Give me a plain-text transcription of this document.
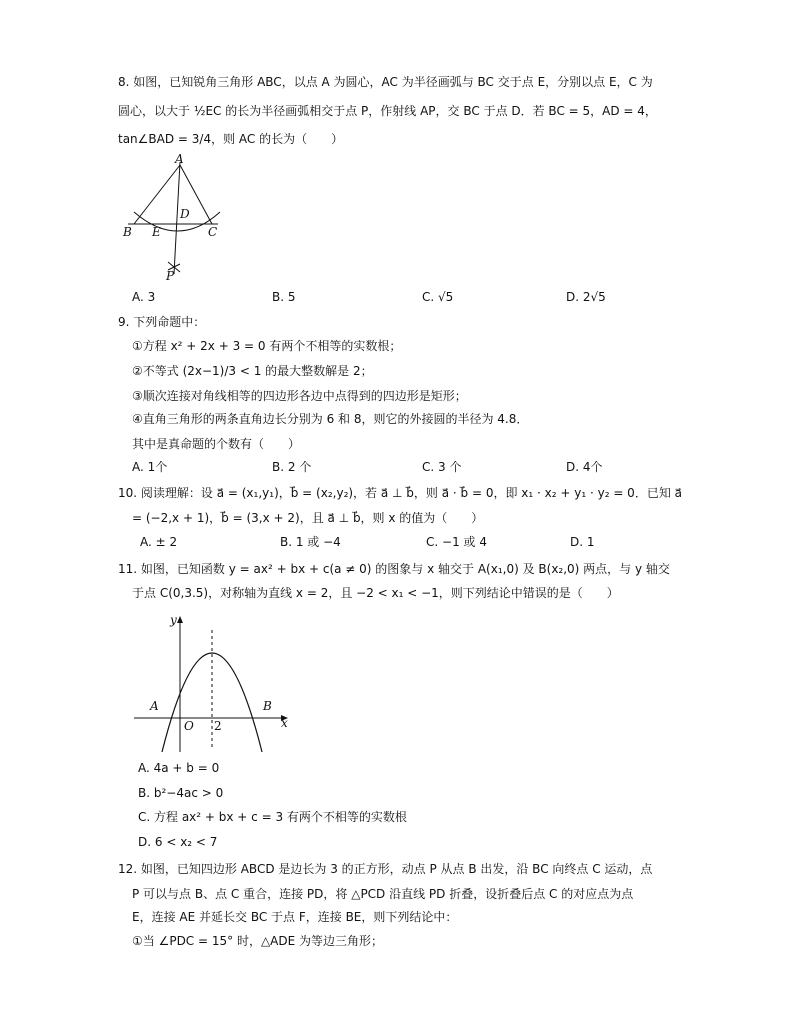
8. 如图，已知锐角三角形 ABC，以点 A 为圆心，AC 为半径画弧与 BC 交于点 E，分别以点 E，C 为
圆心，以大于 ½EC 的长为半径画弧相交于点 P，作射线 AP，交 BC 于点 D．若 BC = 5，AD = 4，
tan∠BAD = 3/4，则 AC 的长为（　　）
A
B E
D
C
P
A. 3	B. 5	C. √5	D. 2√5
9. 下列命题中：
①方程 x² + 2x + 3 = 0 有两个不相等的实数根；
②不等式 (2x−1)/3 < 1 的最大整数解是 2；
③顺次连接对角线相等的四边形各边中点得到的四边形是矩形；
④直角三角形的两条直角边长分别为 6 和 8，则它的外接圆的半径为 4.8．
其中是真命题的个数有（　　）
A. 1个	B. 2 个	C. 3 个	D. 4个
10. 阅读理解：设 a⃗ = (x₁,y₁)，b⃗ = (x₂,y₂)，若 a⃗ ⊥ b⃗，则 a⃗ · b⃗ = 0，即 x₁ · x₂ + y₁ · y₂ = 0．已知 a⃗
= (−2,x + 1)，b⃗ = (3,x + 2)，且 a⃗ ⊥ b⃗，则 x 的值为（　　）
A. ± 2	B. 1 或 −4	C. −1 或 4	D. 1
11. 如图，已知函数 y = ax² + bx + c(a ≠ 0) 的图象与 x 轴交于 A(x₁,0) 及 B(x₂,0) 两点，与 y 轴交
于点 C(0,3.5)，对称轴为直线 x = 2，且 −2 < x₁ < −1，则下列结论中错误的是（　　）
y
x
A	B
O 2
A. 4a + b = 0
B. b²−4ac > 0
C. 方程 ax² + bx + c = 3 有两个不相等的实数根
D. 6 < x₂ < 7
12. 如图，已知四边形 ABCD 是边长为 3 的正方形，动点 P 从点 B 出发，沿 BC 向终点 C 运动，点
P 可以与点 B、点 C 重合，连接 PD，将 △PCD 沿直线 PD 折叠，设折叠后点 C 的对应点为点
E，连接 AE 并延长交 BC 于点 F，连接 BE，则下列结论中：
①当 ∠PDC = 15° 时，△ADE 为等边三角形；
